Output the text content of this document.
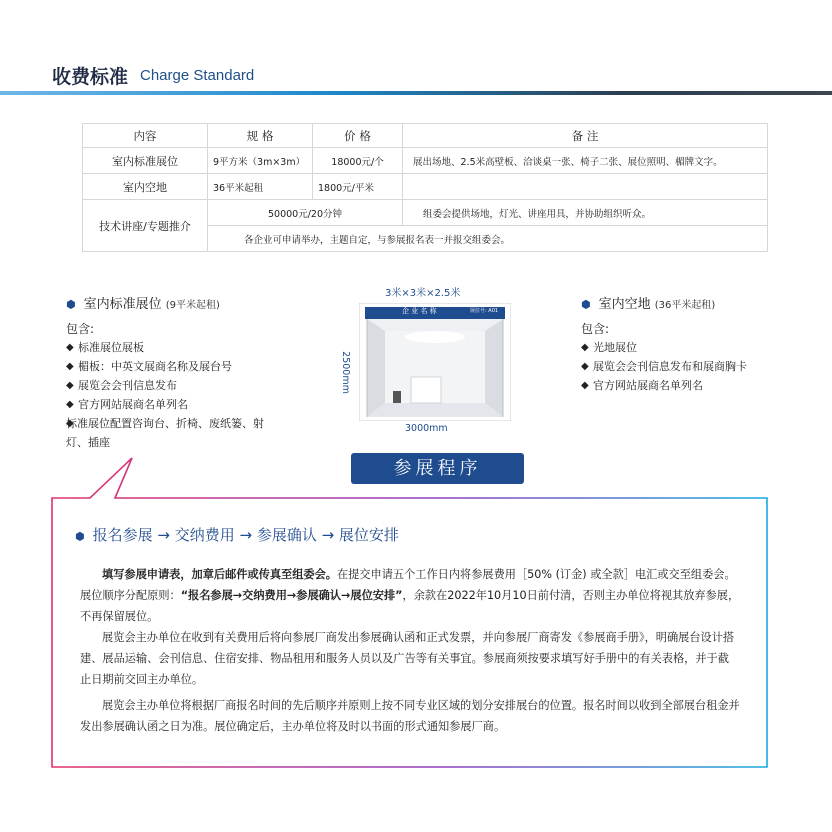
收费标准 Charge Standard
内容	规 格	价 格	备 注
室内标准展位	9平方米（3m×3m）	18000元/个	展出场地、2.5米高壁板、洽谈桌一张、椅子二张、展位照明、楣牌文字。
室内空地	36平米起租	1800元/平米	
技术讲座/专题推介	50000元/20分钟		组委会提供场地，灯光、讲座用具，并协助组织听众。
	各企业可申请举办，主题自定，与参展报名表一并报交组委会。		
⬢ 室内标准展位 (9平米起租)
包含:
◆ 标准展位展板
◆ 楣板：中英文展商名称及展台号
◆ 展览会会刊信息发布
◆ 官方网站展商名单列名
◆ 标准展位配置咨询台、折椅、废纸篓、射灯、插座
3米×3米×2.5米
企 业 名 称	展位号: A01
2500mm
3000mm
⬢ 室内空地 (36平米起租)
包含:
◆ 光地展位
◆ 展览会会刊信息发布和展商胸卡
◆ 官方网站展商名单列名
参展程序
⬢ 报名参展 → 交纳费用 → 参展确认 → 展位安排
填写参展申请表，加章后邮件或传真至组委会。在提交申请五个工作日内将参展费用［50% (订金) 或全款］电汇或交至组委会。展位顺序分配原则：“报名参展→交纳费用→参展确认→展位安排”，余款在2022年10月10日前付清，否则主办单位将视其放弃参展，不再保留展位。
展览会主办单位在收到有关费用后将向参展厂商发出参展确认函和正式发票，并向参展厂商寄发《参展商手册》，明确展台设计搭建、展品运输、会刊信息、住宿安排、物品租用和服务人员以及广告等有关事宜。参展商须按要求填写好手册中的有关表格，并于截止日期前交回主办单位。
展览会主办单位将根据厂商报名时间的先后顺序并原则上按不同专业区域的划分安排展台的位置。报名时间以收到全部展台租金并发出参展确认函之日为准。展位确定后，主办单位将及时以书面的形式通知参展厂商。
